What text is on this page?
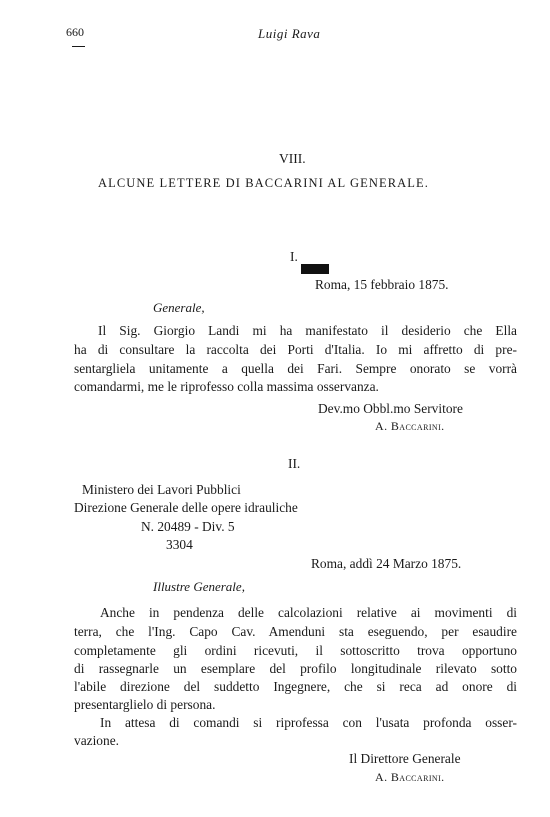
660	Luigi Rava
VIII.
ALCUNE LETTERE DI BACCARINI AL GENERALE.
I.
Roma, 15 febbraio 1875.
Generale,
Il Sig. Giorgio Landi mi ha manifestato il desiderio che Ella
ha di consultare la raccolta dei Porti d'Italia. Io mi affretto di pre-
sentargliela unitamente a quella dei Fari. Sempre onorato se vorrà
comandarmi, me le riprofesso colla massima osservanza.
Dev.mo Obbl.mo Servitore
A. Baccarini.
II.
Ministero dei Lavori Pubblici
Direzione Generale delle opere idrauliche
N. 20489 - Div. 5
3304
Roma, addì 24 Marzo 1875.
Illustre Generale,
Anche in pendenza delle calcolazioni relative ai movimenti di
terra, che l'Ing. Capo Cav. Amenduni sta eseguendo, per esaudire
completamente gli ordini ricevuti, il sottoscritto trova opportuno
di rassegnarle un esemplare del profilo longitudinale rilevato sotto
l'abile direzione del suddetto Ingegnere, che si reca ad onore di
presentarglielo di persona.
In attesa di comandi si riprofessa con l'usata profonda osser-
vazione.
Il Direttore Generale
A. Baccarini.
